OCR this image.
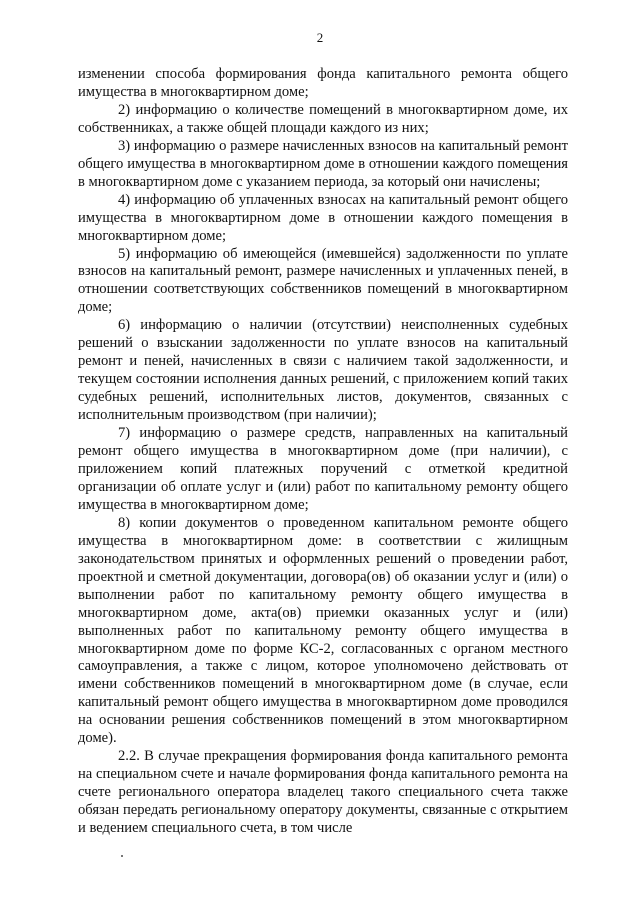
2

изменении способа формирования фонда капитального ремонта общего имущества в многоквартирном доме;

2) информацию о количестве помещений в многоквартирном доме, их собственниках, а также общей площади каждого из них;

3) информацию о размере начисленных взносов на капитальный ремонт общего имущества в многоквартирном доме в отношении каждого помещения в многоквартирном доме с указанием периода, за который они начислены;

4) информацию об уплаченных взносах на капитальный ремонт общего имущества в многоквартирном доме в отношении каждого помещения в многоквартирном доме;

5) информацию об имеющейся (имевшейся) задолженности по уплате взносов на капитальный ремонт, размере начисленных и уплаченных пеней, в отношении соответствующих собственников помещений в многоквартирном доме;

6) информацию о наличии (отсутствии) неисполненных судебных решений о взыскании задолженности по уплате взносов на капитальный ремонт и пеней, начисленных в связи с наличием такой задолженности, и текущем состоянии исполнения данных решений, с приложением копий таких судебных решений, исполнительных листов, документов, связанных с исполнительным производством (при наличии);

7) информацию о размере средств, направленных на капитальный ремонт общего имущества в многоквартирном доме (при наличии), с приложением копий платежных поручений с отметкой кредитной организации об оплате услуг и (или) работ по капитальному ремонту общего имущества в многоквартирном доме;

8) копии документов о проведенном капитальном ремонте общего имущества в многоквартирном доме: в соответствии с жилищным законодательством принятых и оформленных решений о проведении работ, проектной и сметной документации, договора(ов) об оказании услуг и (или) о выполнении работ по капитальному ремонту общего имущества в многоквартирном доме, акта(ов) приемки оказанных услуг и (или) выполненных работ по капитальному ремонту общего имущества в многоквартирном доме по форме КС-2, согласованных с органом местного самоуправления, а также с лицом, которое уполномочено действовать от имени собственников помещений в многоквартирном доме (в случае, если капитальный ремонт общего имущества в многоквартирном доме проводился на основании решения собственников помещений в этом многоквартирном доме).

2.2. В случае прекращения формирования фонда капитального ремонта на специальном счете и начале формирования фонда капитального ремонта на счете регионального оператора владелец такого специального счета также обязан передать региональному оператору документы, связанные с открытием и ведением специального счета, в том числе
